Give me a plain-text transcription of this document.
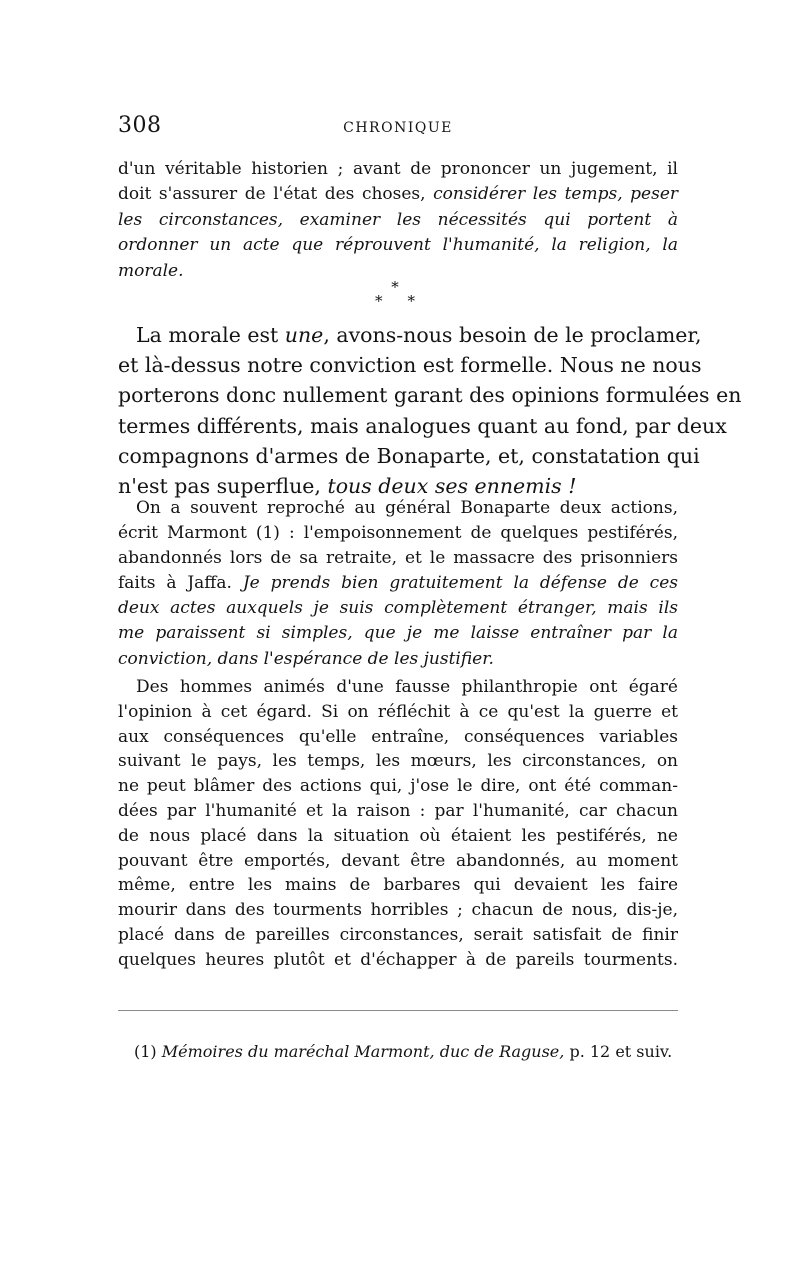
308	CHRONIQUE
d'un véritable historien ; avant de prononcer un jugement, il
doit s'assurer de l'état des choses, considérer les temps, peser
les circonstances, examiner les nécessités qui portent à
ordonner un acte que réprouvent l'humanité, la religion, la
morale.
*
* *
La morale est une, avons-nous besoin de le proclamer,
et là-dessus notre conviction est formelle. Nous ne nous
porterons donc nullement garant des opinions formulées en
termes différents, mais analogues quant au fond, par deux
compagnons d'armes de Bonaparte, et, constatation qui
n'est pas superflue, tous deux ses ennemis !
On a souvent reproché au général Bonaparte deux actions,
écrit Marmont (1) : l'empoisonnement de quelques pestiférés,
abandonnés lors de sa retraite, et le massacre des prisonniers
faits à Jaffa. Je prends bien gratuitement la défense de ces
deux actes auxquels je suis complètement étranger, mais ils
me paraissent si simples, que je me laisse entraîner par la
conviction, dans l'espérance de les justifier.
Des hommes animés d'une fausse philanthropie ont égaré
l'opinion à cet égard. Si on réfléchit à ce qu'est la guerre et
aux conséquences qu'elle entraîne, conséquences variables
suivant le pays, les temps, les mœurs, les circonstances, on
ne peut blâmer des actions qui, j'ose le dire, ont été comman-
dées par l'humanité et la raison : par l'humanité, car chacun
de nous placé dans la situation où étaient les pestiférés, ne
pouvant être emportés, devant être abandonnés, au moment
même, entre les mains de barbares qui devaient les faire
mourir dans des tourments horribles ; chacun de nous, dis-je,
placé dans de pareilles circonstances, serait satisfait de finir
quelques heures plutôt et d'échapper à de pareils tourments.
(1) Mémoires du maréchal Marmont, duc de Raguse, p. 12 et suiv.
